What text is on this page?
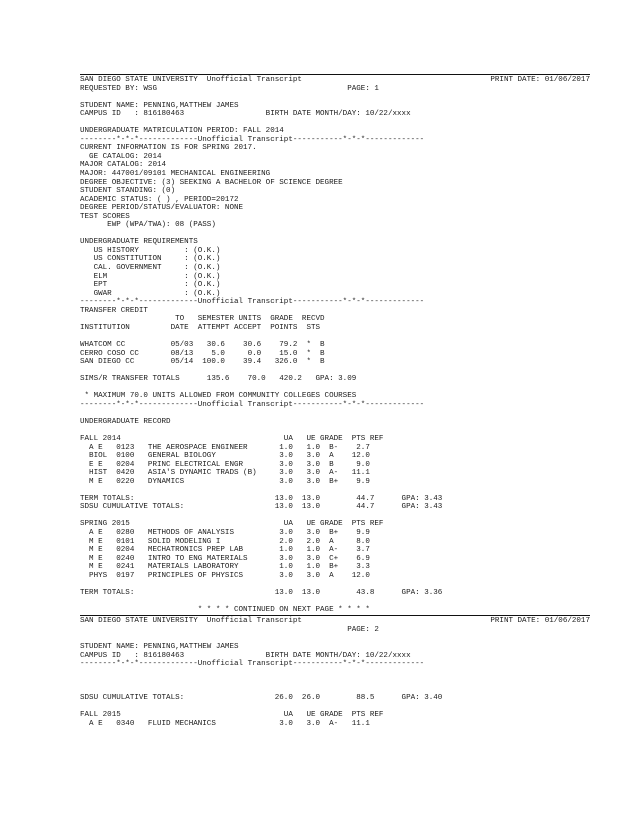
PRINT DATE: 01/06/2017
SAN DIEGO STATE UNIVERSITY  Unofficial Transcript
REQUESTED BY: WSG                                          PAGE: 1
STUDENT NAME: PENNING,MATTHEW JAMES
CAMPUS ID   : 816180463                  BIRTH DATE MONTH/DAY: 10/22/xxxx
UNDERGRADUATE MATRICULATION PERIOD: FALL 2014
--------*-*-*-------------Unofficial Transcript-----------*-*-*-------------
CURRENT INFORMATION IS FOR SPRING 2017.
GE CATALOG: 2014
MAJOR CATALOG: 2014
MAJOR: 447001/09101 MECHANICAL ENGINEERING
DEGREE OBJECTIVE: (3) SEEKING A BACHELOR OF SCIENCE DEGREE
STUDENT STANDING: (0)
ACADEMIC STATUS: ( ) , PERIOD=20172
DEGREE PERIOD/STATUS/EVALUATOR: NONE
TEST SCORES
EWP (WPA/TWA): 08 (PASS)
UNDERGRADUATE REQUIREMENTS
US HISTORY          : (O.K.)
US CONSTITUTION     : (O.K.)
CAL. GOVERNMENT     : (O.K.)
ELM                 : (O.K.)
EPT                 : (O.K.)
GWAR                : (O.K.)
--------*-*-*-------------Unofficial Transcript-----------*-*-*-------------
TRANSFER CREDIT
TO   SEMESTER UNITS  GRADE  RECVD
INSTITUTION         DATE  ATTEMPT ACCEPT  POINTS  STS
WHATCOM CC          05/03   30.6    30.6    79.2  *  B
CERRO COSO CC       08/13    5.0     0.0    15.0  *  B
SAN DIEGO CC        05/14  100.0    39.4   326.0  *  B
SIMS/R TRANSFER TOTALS      135.6    70.0   420.2   GPA: 3.09
* MAXIMUM 70.0 UNITS ALLOWED FROM COMMUNITY COLLEGES COURSES
--------*-*-*-------------Unofficial Transcript-----------*-*-*-------------
UNDERGRADUATE RECORD
FALL 2014                                    UA   UE GRADE  PTS REF
A E   0123   THE AEROSPACE ENGINEER       1.0   1.0  B-    2.7
BIOL  0100   GENERAL BIOLOGY              3.0   3.0  A    12.0
E E   0204   PRINC ELECTRICAL ENGR        3.0   3.0  B     9.0
HIST  0420   ASIA'S DYNAMIC TRADS (B)     3.0   3.0  A-   11.1
M E   0220   DYNAMICS                     3.0   3.0  B+    9.9
TERM TOTALS:                               13.0  13.0        44.7      GPA: 3.43
SDSU CUMULATIVE TOTALS:                    13.0  13.0        44.7      GPA: 3.43
SPRING 2015                                  UA   UE GRADE  PTS REF
A E   0280   METHODS OF ANALYSIS          3.0   3.0  B+    9.9
M E   0101   SOLID MODELING I             2.0   2.0  A     8.0
M E   0204   MECHATRONICS PREP LAB        1.0   1.0  A-    3.7
M E   0240   INTRO TO ENG MATERIALS       3.0   3.0  C+    6.9
M E   0241   MATERIALS LABORATORY         1.0   1.0  B+    3.3
PHYS  0197   PRINCIPLES OF PHYSICS        3.0   3.0  A    12.0
TERM TOTALS:                               13.0  13.0        43.8      GPA: 3.36
* * * * CONTINUED ON NEXT PAGE * * * *
PRINT DATE: 01/06/2017
SAN DIEGO STATE UNIVERSITY  Unofficial Transcript
PAGE: 2
STUDENT NAME: PENNING,MATTHEW JAMES
CAMPUS ID   : 816180463                  BIRTH DATE MONTH/DAY: 10/22/xxxx
--------*-*-*-------------Unofficial Transcript-----------*-*-*-------------
SDSU CUMULATIVE TOTALS:                    26.0  26.0        88.5      GPA: 3.40
FALL 2015                                    UA   UE GRADE  PTS REF
A E   0340   FLUID MECHANICS              3.0   3.0  A-   11.1
